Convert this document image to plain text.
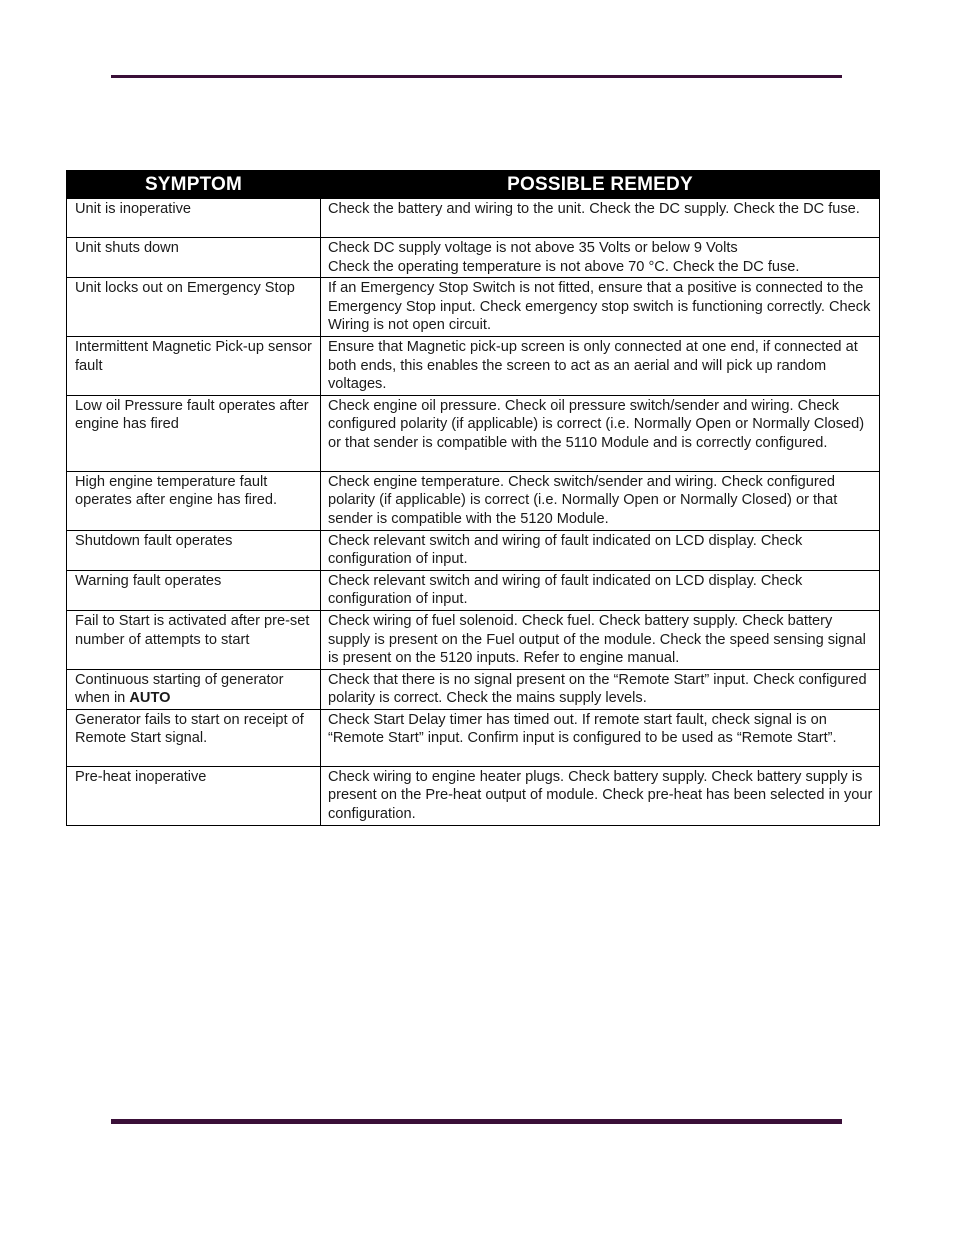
SYMPTOM	POSSIBLE REMEDY
Unit is inoperative	Check the battery and wiring to the unit. Check the DC supply. Check the DC fuse.
Unit shuts down	Check DC supply voltage is not above 35 Volts or below 9 Volts
Check the operating temperature is not above 70 °C. Check the DC fuse.

Unit locks out on Emergency Stop	If an Emergency Stop Switch is not fitted, ensure that a positive is connected to the Emergency Stop input. Check emergency stop switch is functioning correctly. Check Wiring is not open circuit.
Intermittent Magnetic Pick-up sensor fault	Ensure that Magnetic pick-up screen is only connected at one end, if connected at both ends, this enables the screen to act as an aerial and will pick up random voltages.
Low oil Pressure fault operates after engine has fired	Check engine oil pressure. Check oil pressure switch/sender and wiring. Check configured polarity (if applicable) is correct (i.e. Normally Open or Normally Closed) or that sender is compatible with the 5110 Module and is correctly configured.
High engine temperature fault operates after engine has fired.	Check engine temperature. Check switch/sender and wiring. Check configured polarity (if applicable) is correct (i.e. Normally Open or Normally Closed) or that sender is compatible with the 5120 Module.
Shutdown fault operates	Check relevant switch and wiring of fault indicated on LCD display. Check configuration of input.
Warning fault operates	Check relevant switch and wiring of fault indicated on LCD display. Check configuration of input.
Fail to Start is activated after pre-set number of attempts to start	Check wiring of fuel solenoid. Check fuel. Check battery supply. Check battery supply is present on the Fuel output of the module. Check the speed sensing signal is present on the 5120 inputs. Refer to engine manual.
Continuous starting of generator when in AUTO	Check that there is no signal present on the “Remote Start” input. Check configured polarity is correct. Check the mains supply levels.
Generator fails to start on receipt of Remote Start signal.	Check Start Delay timer has timed out. If remote start fault, check signal is on “Remote Start” input. Confirm input is configured to be used as “Remote Start”.
Pre-heat inoperative	Check wiring to engine heater plugs. Check battery supply. Check battery supply is present on the Pre-heat output of module. Check pre-heat has been selected in your configuration.
